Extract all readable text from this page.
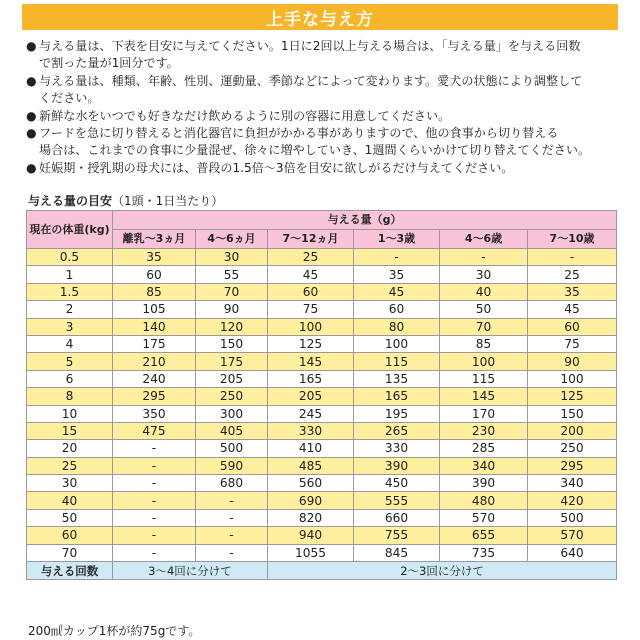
上手な与え方
● 与える量は、下表を目安に与えてください。1日に2回以上与える場合は、「与える量」を与える回数
で割った量が1回分です。
● 与える量は、種類、年齢、性別、運動量、季節などによって変わります。愛犬の状態により調整して
ください。
● 新鮮な水をいつでも好きなだけ飲めるように別の容器に用意してください。
● フードを急に切り替えると消化器官に負担がかかる事がありますので、他の食事から切り替える
場合は、これまでの食事に少量混ぜ、徐々に増やしていき、1週間くらいかけて切り替えてください。
● 妊娠期・授乳期の母犬には、普段の1.5倍〜3倍を目安に欲しがるだけ与えてください。
与える量の目安（1頭・1日当たり）
現在の体重(kg)	与える量（g）					
	離乳〜3ヵ月	4〜6ヵ月	7〜12ヵ月	1〜3歳	4〜6歳	7〜10歳
0.5	35	30	25	-	-	-
1	60	55	45	35	30	25
1.5	85	70	60	45	40	35
2	105	90	75	60	50	45
3	140	120	100	80	70	60
4	175	150	125	100	85	75
5	210	175	145	115	100	90
6	240	205	165	135	115	100
8	295	250	205	165	145	125
10	350	300	245	195	170	150
15	475	405	330	265	230	200
20	-	500	410	330	285	250
25	-	590	485	390	340	295
30	-	680	560	450	390	340
40	-	-	690	555	480	420
50	-	-	820	660	570	500
60	-	-	940	755	655	570
70	-	-	1055	845	735	640
与える回数	3〜4回に分けて		2〜3回に分けて			
200㎖カップ1杯が約75gです。
